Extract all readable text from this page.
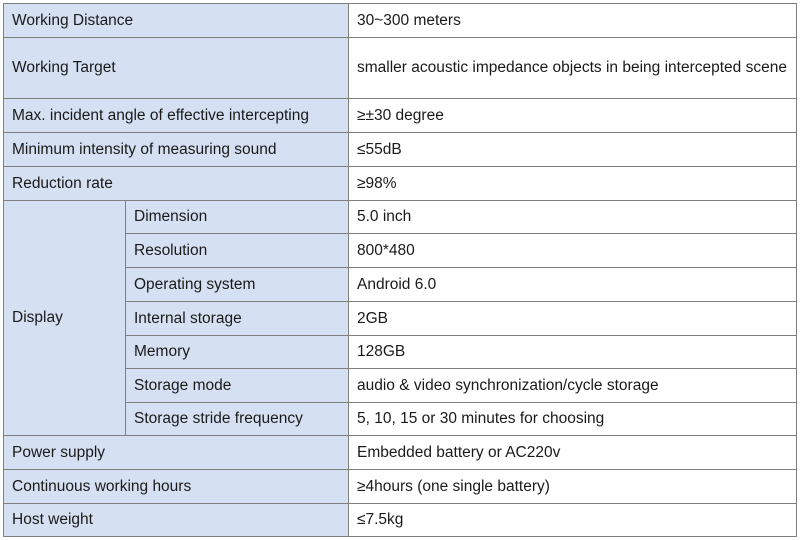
Working Distance		30~300 meters
Working Target		smaller acoustic impedance objects in being intercepted scene
Max. incident angle of effective intercepting		≥±30 degree
Minimum intensity of measuring sound		≤55dB
Reduction rate		≥98%
Display	Dimension	5.0 inch
	Resolution	800*480
	Operating system	Android 6.0
	Internal storage	2GB
	Memory	128GB
	Storage mode	audio & video synchronization/cycle storage
	Storage stride frequency	5, 10, 15 or 30 minutes for choosing
Power supply		Embedded battery or AC220v
Continuous working hours		≥4hours (one single battery)
Host weight		≤7.5kg
